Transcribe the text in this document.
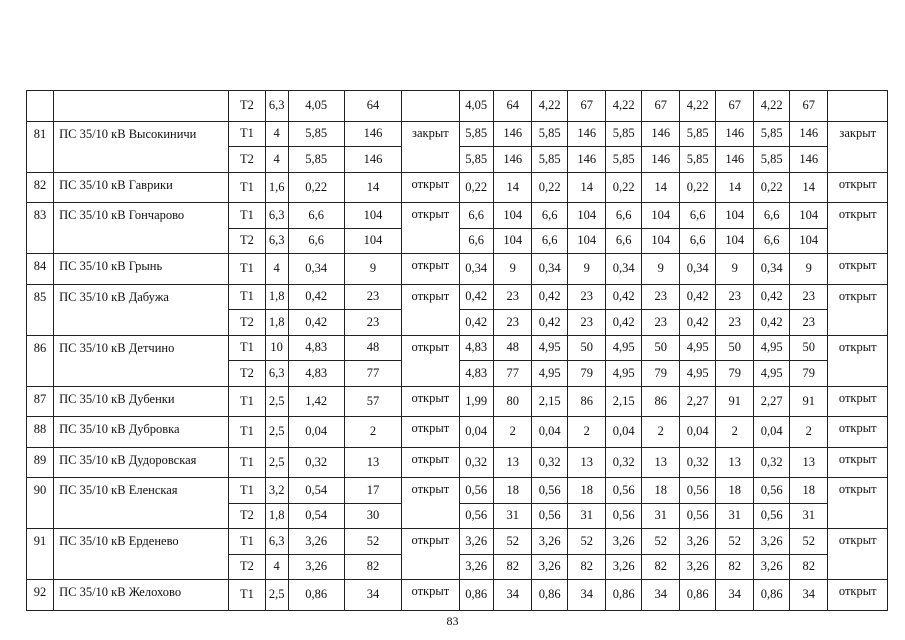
		Т2	6,3	4,05	64		4,05	64	4,22	67	4,22	67	4,22	67	4,22	67	
81	ПС 35/10 кВ Высокиничи	Т1	4	5,85	146	закрыт	5,85	146	5,85	146	5,85	146	5,85	146	5,85	146	закрыт
		Т2	4	5,85	146		5,85	146	5,85	146	5,85	146	5,85	146	5,85	146	
82	ПС 35/10 кВ Гаврики	Т1	1,6	0,22	14	открыт	0,22	14	0,22	14	0,22	14	0,22	14	0,22	14	открыт
83	ПС 35/10 кВ Гончарово	Т1	6,3	6,6	104	открыт	6,6	104	6,6	104	6,6	104	6,6	104	6,6	104	открыт
		Т2	6,3	6,6	104		6,6	104	6,6	104	6,6	104	6,6	104	6,6	104	
84	ПС 35/10 кВ Грынь	Т1	4	0,34	9	открыт	0,34	9	0,34	9	0,34	9	0,34	9	0,34	9	открыт
85	ПС 35/10 кВ Дабужа	Т1	1,8	0,42	23	открыт	0,42	23	0,42	23	0,42	23	0,42	23	0,42	23	открыт
		Т2	1,8	0,42	23		0,42	23	0,42	23	0,42	23	0,42	23	0,42	23	
86	ПС 35/10 кВ Детчино	Т1	10	4,83	48	открыт	4,83	48	4,95	50	4,95	50	4,95	50	4,95	50	открыт
		Т2	6,3	4,83	77		4,83	77	4,95	79	4,95	79	4,95	79	4,95	79	
87	ПС 35/10 кВ Дубенки	Т1	2,5	1,42	57	открыт	1,99	80	2,15	86	2,15	86	2,27	91	2,27	91	открыт
88	ПС 35/10 кВ Дубровка	Т1	2,5	0,04	2	открыт	0,04	2	0,04	2	0,04	2	0,04	2	0,04	2	открыт
89	ПС 35/10 кВ Дудоровская	Т1	2,5	0,32	13	открыт	0,32	13	0,32	13	0,32	13	0,32	13	0,32	13	открыт
90	ПС 35/10 кВ Еленская	Т1	3,2	0,54	17	открыт	0,56	18	0,56	18	0,56	18	0,56	18	0,56	18	открыт
		Т2	1,8	0,54	30		0,56	31	0,56	31	0,56	31	0,56	31	0,56	31	
91	ПС 35/10 кВ Ерденево	Т1	6,3	3,26	52	открыт	3,26	52	3,26	52	3,26	52	3,26	52	3,26	52	открыт
		Т2	4	3,26	82		3,26	82	3,26	82	3,26	82	3,26	82	3,26	82	
92	ПС 35/10 кВ Желохово	Т1	2,5	0,86	34	открыт	0,86	34	0,86	34	0,86	34	0,86	34	0,86	34	открыт
83
